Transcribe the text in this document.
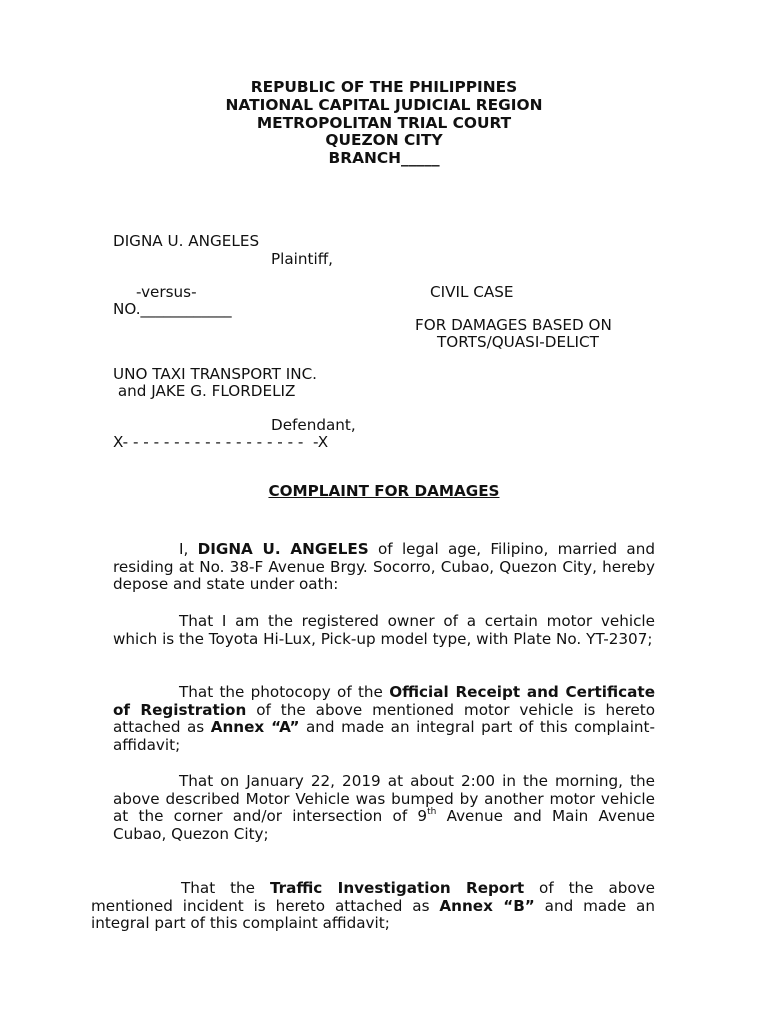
REPUBLIC OF THE PHILIPPINES
NATIONAL CAPITAL JUDICIAL REGION
METROPOLITAN TRIAL COURT
QUEZON CITY
BRANCH_____
DIGNA U. ANGELES
Plaintiff,
-versus-	CIVIL CASE
NO.____________
FOR DAMAGES BASED ON
TORTS/QUASI-DELICT
UNO TAXI TRANSPORT INC.
and JAKE G. FLORDELIZ
Defendant,
X- - - - - - - - - - - - - - - - - -  -X
COMPLAINT FOR DAMAGES
I, DIGNA U. ANGELES of legal age, Filipino, married and residing at No. 38-F Avenue Brgy. Socorro, Cubao, Quezon City, hereby depose and state under oath:
That I am the registered owner of a certain motor vehicle which is the Toyota Hi-Lux, Pick-up model type, with Plate No. YT-2307;
That the photocopy of the Official Receipt and Certificate of Registration of the above mentioned motor vehicle is hereto attached as Annex “A” and made an integral part of this complaint-affidavit;
That on January 22, 2019 at about 2:00 in the morning, the above described Motor Vehicle was bumped by another motor vehicle at the corner and/or intersection of 9th Avenue and Main Avenue Cubao, Quezon City;
That the Traffic Investigation Report of the above mentioned incident is hereto attached as Annex “B” and made an integral part of this complaint affidavit;
